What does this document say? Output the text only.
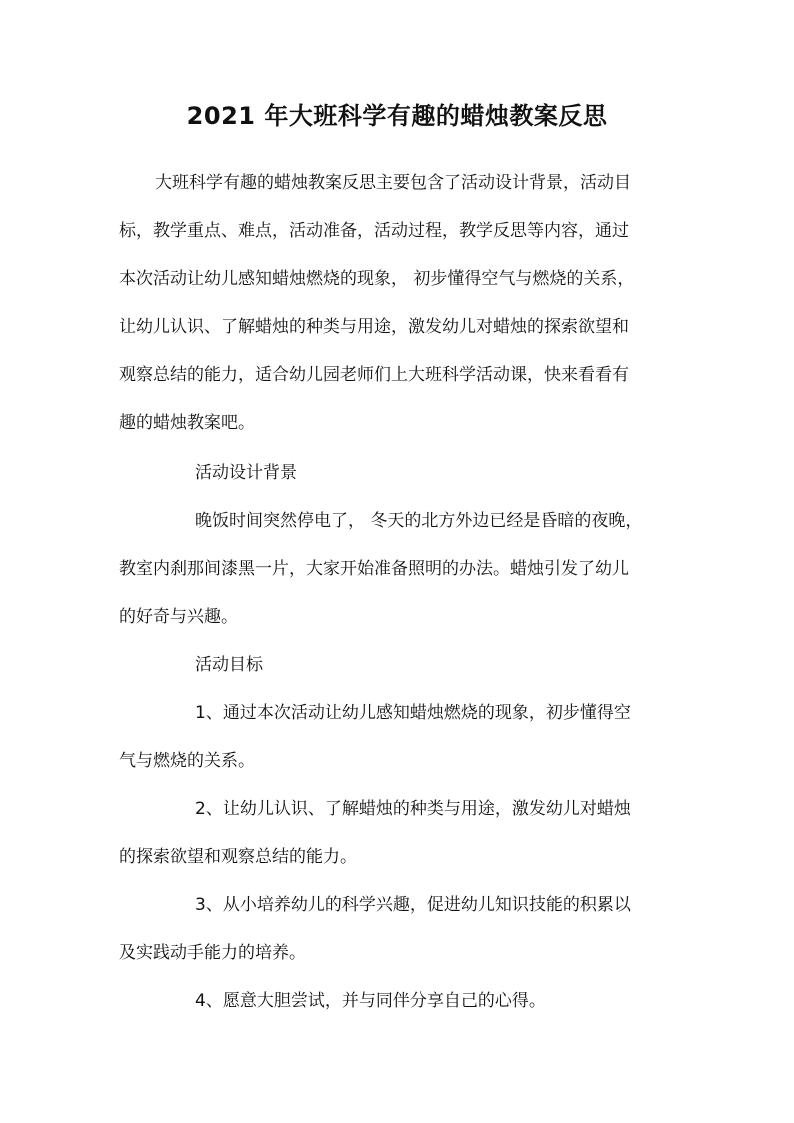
2021 年大班科学有趣的蜡烛教案反思
大班科学有趣的蜡烛教案反思主要包含了活动设计背景，活动目
标，教学重点、难点，活动准备，活动过程，教学反思等内容，通过
本次活动让幼儿感知蜡烛燃烧的现象， 初步懂得空气与燃烧的关系，
让幼儿认识、了解蜡烛的种类与用途，激发幼儿对蜡烛的探索欲望和
观察总结的能力，适合幼儿园老师们上大班科学活动课，快来看看有
趣的蜡烛教案吧。
活动设计背景
晚饭时间突然停电了， 冬天的北方外边已经是昏暗的夜晚，
教室内刹那间漆黑一片，大家开始准备照明的办法。蜡烛引发了幼儿
的好奇与兴趣。
活动目标
1、通过本次活动让幼儿感知蜡烛燃烧的现象，初步懂得空
气与燃烧的关系。
2、让幼儿认识、了解蜡烛的种类与用途，激发幼儿对蜡烛
的探索欲望和观察总结的能力。
3、从小培养幼儿的科学兴趣，促进幼儿知识技能的积累以
及实践动手能力的培养。
4、愿意大胆尝试，并与同伴分享自己的心得。
